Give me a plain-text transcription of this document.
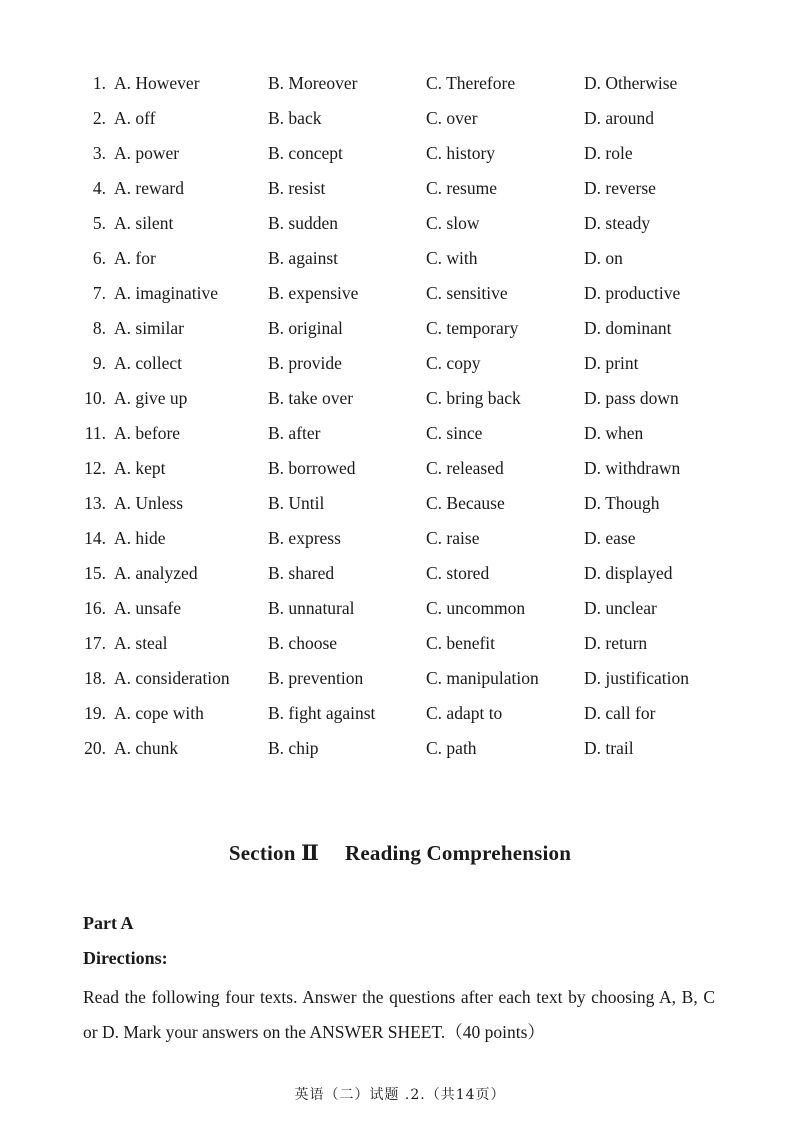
1. A. However	B. Moreover	C. Therefore	D. Otherwise
2. A. off	B. back	C. over	D. around
3. A. power	B. concept	C. history	D. role
4. A. reward	B. resist	C. resume	D. reverse
5. A. silent	B. sudden	C. slow	D. steady
6. A. for	B. against	C. with	D. on
7. A. imaginative	B. expensive	C. sensitive	D. productive
8. A. similar	B. original	C. temporary	D. dominant
9. A. collect	B. provide	C. copy	D. print
10. A. give up	B. take over	C. bring back	D. pass down
11. A. before	B. after	C. since	D. when
12. A. kept	B. borrowed	C. released	D. withdrawn
13. A. Unless	B. Until	C. Because	D. Though
14. A. hide	B. express	C. raise	D. ease
15. A. analyzed	B. shared	C. stored	D. displayed
16. A. unsafe	B. unnatural	C. uncommon	D. unclear
17. A. steal	B. choose	C. benefit	D. return
18. A. consideration B. prevention	C. manipulation	D. justification
19. A. cope with	B. fight against	C. adapt to	D. call for
20. A. chunk	B. chip	C. path	D. trail
Section Ⅱ Reading Comprehension
Part A
Directions:
Read the following four texts. Answer the questions after each text by choosing A, B, C or D. Mark your answers on the ANSWER SHEET.（40 points）
英语（二）试题 .2.（共14页）
